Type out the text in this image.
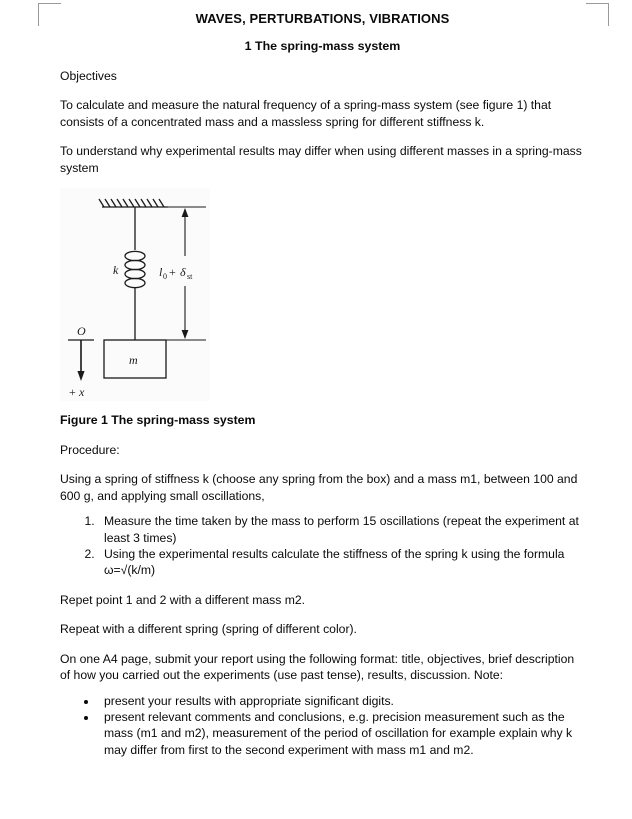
WAVES, PERTURBATIONS, VIBRATIONS
1 The spring-mass system

Objectives

To calculate and measure the natural frequency of a spring-mass system (see figure 1) that consists of a concentrated mass and a massless spring for different stiffness k.

To understand why experimental results may differ when using different masses in a spring-mass system

l 0 + δ st
k
m
O
+ x
Figure 1 The spring-mass system

Procedure:

Using a spring of stiffness k (choose any spring from the box) and a mass m1, between 100 and 600 g, and applying small oscillations,

1. Measure the time taken by the mass to perform 15 oscillations (repeat the experiment at least 3 times)
2. Using the experimental results calculate the stiffness of the spring k using the formula ω=√(k/m)

Repet point 1 and 2 with a different mass m2.

Repeat with a different spring (spring of different color).

On one A4 page, submit your report using the following format: title, objectives, brief description of how you carried out the experiments (use past tense), results, discussion. Note:

• present your results with appropriate significant digits.
• present relevant comments and conclusions, e.g. precision measurement such as the mass (m1 and m2), measurement of the period of oscillation for example explain why k may differ from first to the second experiment with mass m1 and m2.
